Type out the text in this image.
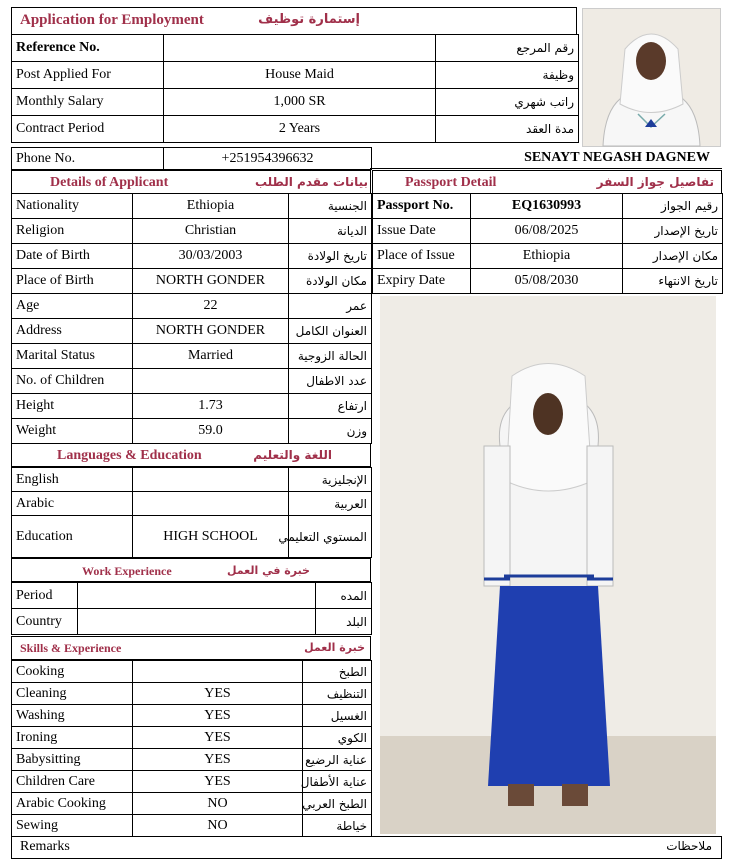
Application for Employment	إستمارة توظيف
Reference No.		رقم المرجع
Post Applied For	House Maid	وظيفة
Monthly Salary	1,000 SR	راتب شهري
Contract Period	2 Years	مدة العقد
Phone No.	+251954396632	SENAYT NEGASH DAGNEW
Details of Applicant	بيانات مقدم الطلب
Nationality	Ethiopia	الجنسية
Religion	Christian	الديانة
Date of Birth	30/03/2003	تاريخ الولادة
Place of Birth	NORTH GONDER	مكان الولادة
Age	22	عمر
Address	NORTH GONDER	العنوان الكامل
Marital Status	Married	الحالة الزوجية
No. of Children		عدد الاطفال
Height	1.73	ارتفاع
Weight	59.0	وزن
Passport Detail	تفاصيل جواز السفر
Passport No.	EQ1630993	رقيم الجواز
Issue Date	06/08/2025	تاريخ الإصدار
Place of Issue	Ethiopia	مكان الإصدار
Expiry Date	05/08/2030	تاريخ الانتهاء
Languages & Education	اللغة والتعليم
English		الإنجليزية
Arabic		العربية
Education	HIGH SCHOOL	المستوي التعليمي
Work Experience	خبرة في العمل
Period		المده
Country		البلد
Skills & Experience	خبرة العمل
Cooking		الطبخ
Cleaning	YES	التنظيف
Washing	YES	الغسيل
Ironing	YES	الكوي
Babysitting	YES	عناية الرضيع
Children Care	YES	عناية الأطفال
Arabic Cooking	NO	الطبخ العربي
Sewing	NO	خياطة
Remarks	ملاحظات
